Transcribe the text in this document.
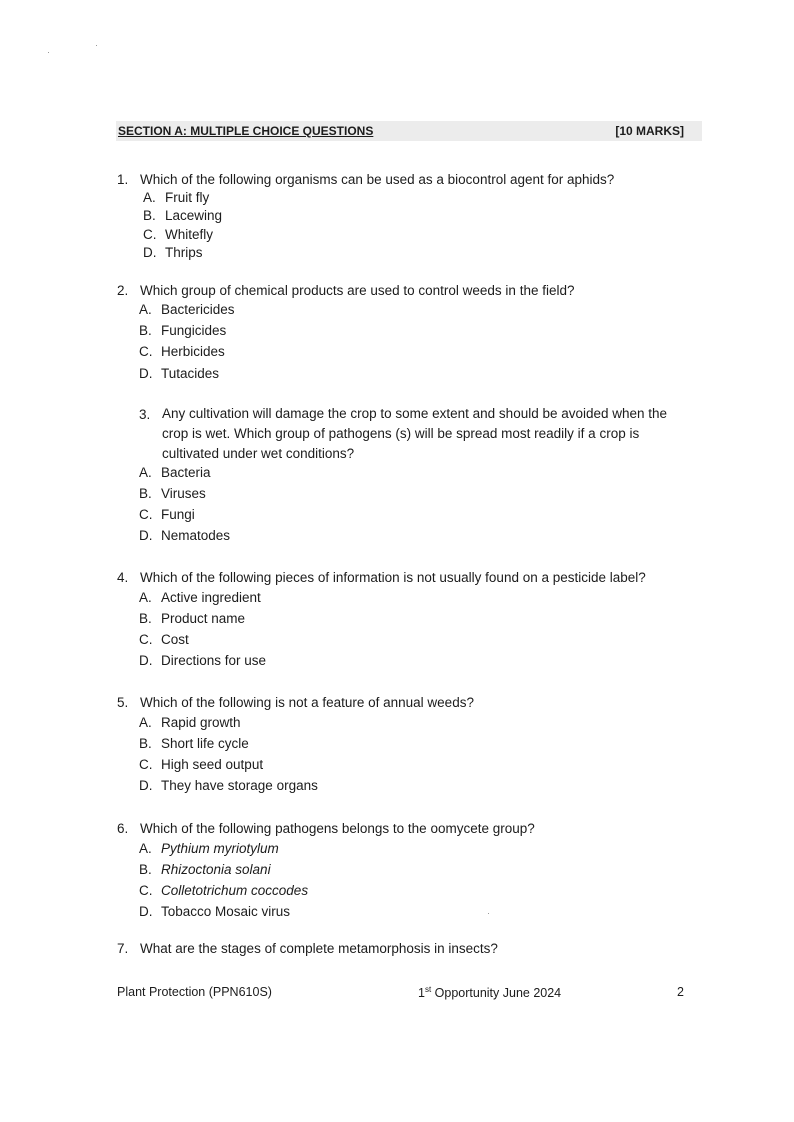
SECTION A: MULTIPLE CHOICE QUESTIONS	[10 MARKS]
1. Which of the following organisms can be used as a biocontrol agent for aphids?
A. Fruit fly
B. Lacewing
C. Whitefly
D. Thrips
2. Which group of chemical products are used to control weeds in the field?
A. Bactericides
B. Fungicides
C. Herbicides
D. Tutacides
3. Any cultivation will damage the crop to some extent and should be avoided when the crop is wet. Which group of pathogens (s) will be spread most readily if a crop is cultivated under wet conditions?
A. Bacteria
B. Viruses
C. Fungi
D. Nematodes
4. Which of the following pieces of information is not usually found on a pesticide label?
A. Active ingredient
B. Product name
C. Cost
D. Directions for use
5. Which of the following is not a feature of annual weeds?
A. Rapid growth
B. Short life cycle
C. High seed output
D. They have storage organs
6. Which of the following pathogens belongs to the oomycete group?
A. Pythium myriotylum
B. Rhizoctonia solani
C. Colletotrichum coccodes
D. Tobacco Mosaic virus
7. What are the stages of complete metamorphosis in insects?
Plant Protection (PPN610S)	1st Opportunity June 2024	2
